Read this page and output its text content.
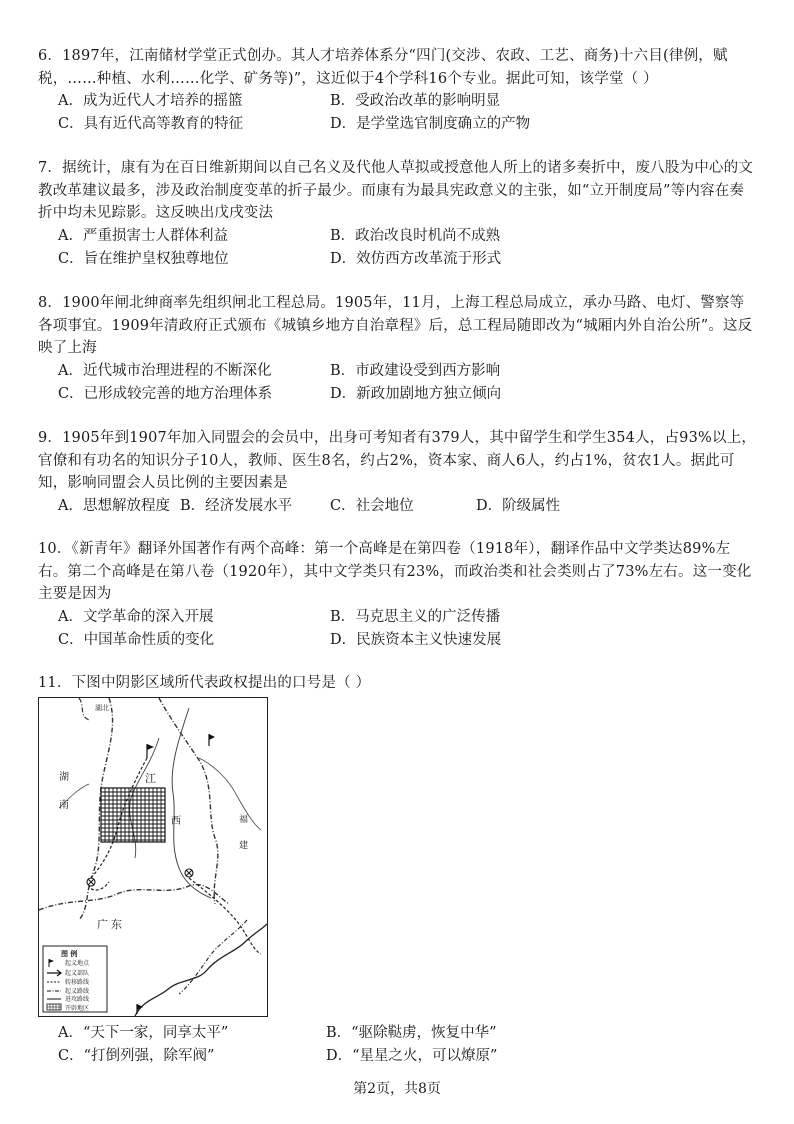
6．1897年，江南储材学堂正式创办。其人才培养体系分“四门(交涉、农政、工艺、商务)十六目(律例，赋税，……种植、水利……化学、矿务等)”，这近似于4个学科16个专业。据此可知，该学堂（ ）

A．成为近代人才培养的摇篮	B．受政治改革的影响明显
C．具有近代高等教育的特征	D．是学堂选官制度确立的产物

7．据统计，康有为在百日维新期间以自己名义及代他人草拟或授意他人所上的诸多奏折中，废八股为中心的文教改革建议最多，涉及政治制度变革的折子最少。而康有为最具宪政意义的主张，如“立开制度局”等内容在奏折中均未见踪影。这反映出戊戌变法

A．严重损害士人群体利益	B．政治改良时机尚不成熟
C．旨在维护皇权独尊地位	D．效仿西方改革流于形式

8．1900年闸北绅商率先组织闸北工程总局。1905年，11月，上海工程总局成立，承办马路、电灯、警察等各项事宜。1909年清政府正式颁布《城镇乡地方自治章程》后，总工程局随即改为“城厢内外自治公所”。这反映了上海

A．近代城市治理进程的不断深化	B．市政建设受到西方影响
C．已形成较完善的地方治理体系	D．新政加剧地方独立倾向

9．1905年到1907年加入同盟会的会员中，出身可考知者有379人，其中留学生和学生354人，占93%以上，官僚和有功名的知识分子10人，教师、医生8名，约占2%，资本家、商人6人，约占1%，贫农1人。据此可知，影响同盟会人员比例的主要因素是

A．思想解放程度 B．经济发展水平	C．社会地位	D．阶级属性

10．《新青年》翻译外国著作有两个高峰：第一个高峰是在第四卷（1918年），翻译作品中文学类达89%左右。第二个高峰是在第八卷（1920年），其中文学类只有23%，而政治类和社会类则占了73%左右。这一变化主要是因为

A．文学革命的深入开展	B．马克思主义的广泛传播
C．中国革命性质的变化	D．民族资本主义快速发展

11．下图中阴影区域所代表政权提出的口号是（ ）

湖北
湖
南
江
西	福
建
广 东
图 例
起义地点
起义部队
转移路线
起义路线
进攻路线
开辟地区
A．“天下一家，同享太平”	B．“驱除鞑虏，恢复中华”
C．“打倒列强，除军阀”	D．“星星之火，可以燎原”
第2页，共8页
